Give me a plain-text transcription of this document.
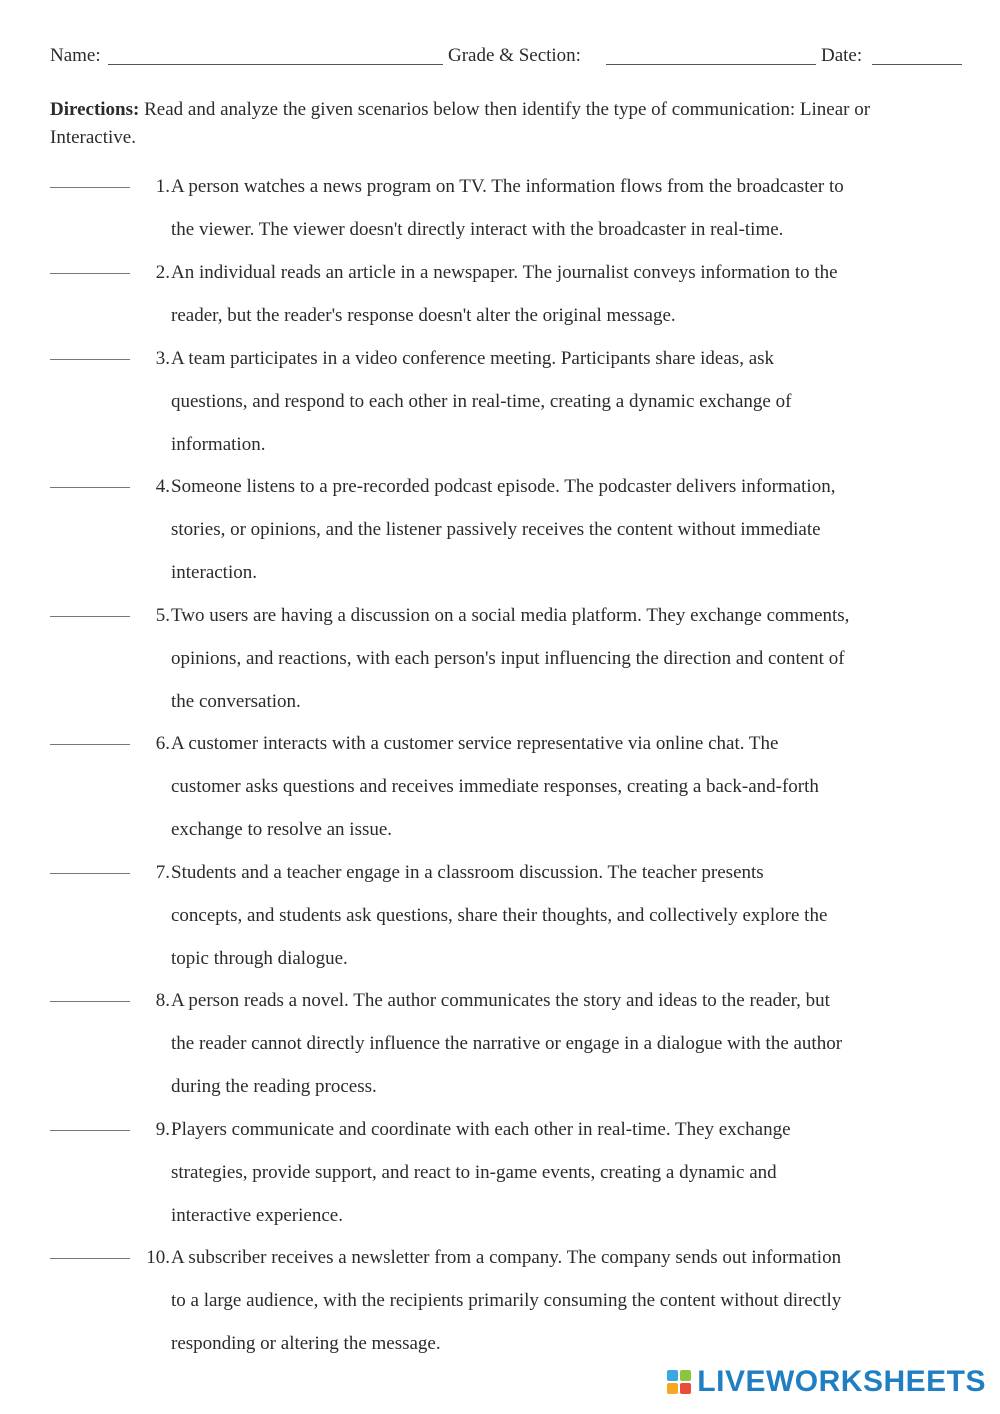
Name:	Grade & Section:	Date:
Directions: Read and analyze the given scenarios below then identify the type of communication: Linear or Interactive.
1. A person watches a news program on TV. The information flows from the broadcaster to
the viewer. The viewer doesn't directly interact with the broadcaster in real-time.
2. An individual reads an article in a newspaper. The journalist conveys information to the
reader, but the reader's response doesn't alter the original message.
3. A team participates in a video conference meeting. Participants share ideas, ask
questions, and respond to each other in real-time, creating a dynamic exchange of
information.
4. Someone listens to a pre-recorded podcast episode. The podcaster delivers information,
stories, or opinions, and the listener passively receives the content without immediate
interaction.
5. Two users are having a discussion on a social media platform. They exchange comments,
opinions, and reactions, with each person's input influencing the direction and content of
the conversation.
6. A customer interacts with a customer service representative via online chat. The
customer asks questions and receives immediate responses, creating a back-and-forth
exchange to resolve an issue.
7. Students and a teacher engage in a classroom discussion. The teacher presents
concepts, and students ask questions, share their thoughts, and collectively explore the
topic through dialogue.
8. A person reads a novel. The author communicates the story and ideas to the reader, but
the reader cannot directly influence the narrative or engage in a dialogue with the author
during the reading process.
9. Players communicate and coordinate with each other in real-time. They exchange
strategies, provide support, and react to in-game events, creating a dynamic and
interactive experience.
10. A subscriber receives a newsletter from a company. The company sends out information
to a large audience, with the recipients primarily consuming the content without directly
responding or altering the message.
LIVEWORKSHEETS
